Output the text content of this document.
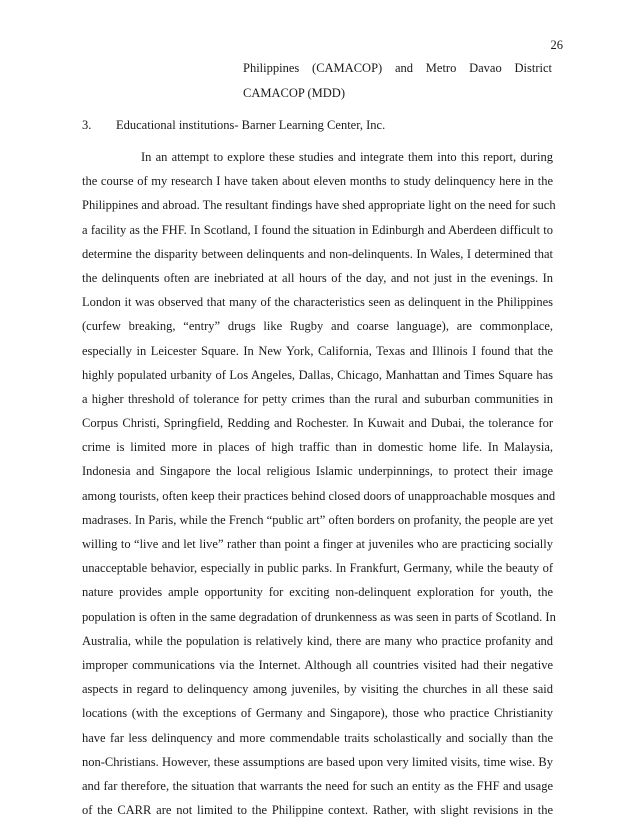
26
Philippines (CAMACOP) and Metro Davao District
CAMACOP (MDD)
3. Educational institutions- Barner Learning Center, Inc.
In an attempt to explore these studies and integrate them into this report, during
the course of my research I have taken about eleven months to study delinquency here in the
Philippines and abroad. The resultant findings have shed appropriate light on the need for such
a facility as the FHF. In Scotland, I found the situation in Edinburgh and Aberdeen difficult to
determine the disparity between delinquents and non-delinquents. In Wales, I determined that
the delinquents often are inebriated at all hours of the day, and not just in the evenings. In
London it was observed that many of the characteristics seen as delinquent in the Philippines
(curfew breaking, “entry” drugs like Rugby and coarse language), are commonplace,
especially in Leicester Square. In New York, California, Texas and Illinois I found that the
highly populated urbanity of Los Angeles, Dallas, Chicago, Manhattan and Times Square has
a higher threshold of tolerance for petty crimes than the rural and suburban communities in
Corpus Christi, Springfield, Redding and Rochester. In Kuwait and Dubai, the tolerance for
crime is limited more in places of high traffic than in domestic home life. In Malaysia,
Indonesia and Singapore the local religious Islamic underpinnings, to protect their image
among tourists, often keep their practices behind closed doors of unapproachable mosques and
madrases. In Paris, while the French “public art” often borders on profanity, the people are yet
willing to “live and let live” rather than point a finger at juveniles who are practicing socially
unacceptable behavior, especially in public parks. In Frankfurt, Germany, while the beauty of
nature provides ample opportunity for exciting non-delinquent exploration for youth, the
population is often in the same degradation of drunkenness as was seen in parts of Scotland. In
Australia, while the population is relatively kind, there are many who practice profanity and
improper communications via the Internet. Although all countries visited had their negative
aspects in regard to delinquency among juveniles, by visiting the churches in all these said
locations (with the exceptions of Germany and Singapore), those who practice Christianity
have far less delinquency and more commendable traits scholastically and socially than the
non-Christians. However, these assumptions are based upon very limited visits, time wise. By
and far therefore, the situation that warrants the need for such an entity as the FHF and usage
of the CARR are not limited to the Philippine context. Rather, with slight revisions in the
